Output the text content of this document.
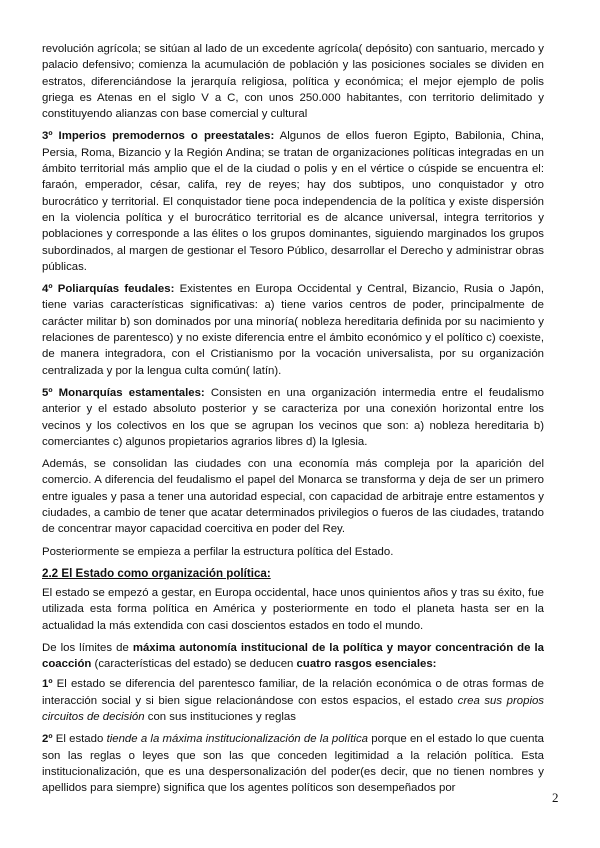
revolución agrícola; se sitúan al lado de un excedente agrícola( depósito) con santuario, mercado y palacio defensivo; comienza la acumulación de población y las posiciones sociales se dividen en estratos, diferenciándose la jerarquía religiosa, política y económica; el mejor ejemplo de polis griega es Atenas en el siglo V a C, con unos 250.000 habitantes, con territorio delimitado y constituyendo alianzas con base comercial y cultural

3º Imperios premodernos o preestatales: Algunos de ellos fueron Egipto, Babilonia, China, Persia, Roma, Bizancio y la Región Andina; se tratan de organizaciones políticas integradas en un ámbito territorial más amplio que el de la ciudad o polis y en el vértice o cúspide se encuentra el: faraón, emperador, césar, califa, rey de reyes; hay dos subtipos, uno conquistador y otro burocrático y territorial. El conquistador tiene poca independencia de la política y existe dispersión en la violencia política y el burocrático territorial es de alcance universal, integra territorios y poblaciones y corresponde a las élites o los grupos dominantes, siguiendo marginados los grupos subordinados, al margen de gestionar el Tesoro Público, desarrollar el Derecho y administrar obras públicas.

4º Poliarquías feudales: Existentes en Europa Occidental y Central, Bizancio, Rusia o Japón, tiene varias características significativas: a) tiene varios centros de poder, principalmente de carácter militar b) son dominados por una minoría( nobleza hereditaria definida por su nacimiento y relaciones de parentesco) y no existe diferencia entre el ámbito económico y el político c) coexiste, de manera integradora, con el Cristianismo por la vocación universalista, por su organización centralizada y por la lengua culta común( latín).

5º Monarquías estamentales: Consisten en una organización intermedia entre el feudalismo anterior y el estado absoluto posterior y se caracteriza por una conexión horizontal entre los vecinos y los colectivos en los que se agrupan los vecinos que son: a) nobleza hereditaria b) comerciantes c) algunos propietarios agrarios libres d) la Iglesia.

Además, se consolidan las ciudades con una economía más compleja por la aparición del comercio. A diferencia del feudalismo el papel del Monarca se transforma y deja de ser un primero entre iguales y pasa a tener una autoridad especial, con capacidad de arbitraje entre estamentos y ciudades, a cambio de tener que acatar determinados privilegios o fueros de las ciudades, tratando de concentrar mayor capacidad coercitiva en poder del Rey.

Posteriormente se empieza a perfilar la estructura política del Estado.

2.2 El Estado como organización política:

El estado se empezó a gestar, en Europa occidental, hace unos quinientos años y tras su éxito, fue utilizada esta forma política en América y posteriormente en todo el planeta hasta ser en la actualidad la más extendida con casi doscientos estados en todo el mundo.

De los límites de máxima autonomía institucional de la política y mayor concentración de la coacción (características del estado) se deducen cuatro rasgos esenciales:

1º El estado se diferencia del parentesco familiar, de la relación económica o de otras formas de interacción social y si bien sigue relacionándose con estos espacios, el estado crea sus propios circuitos de decisión con sus instituciones y reglas

2º El estado tiende a la máxima institucionalización de la política porque en el estado lo que cuenta son las reglas o leyes que son las que conceden legitimidad a la relación política. Esta institucionalización, que es una despersonalización del poder(es decir, que no tienen nombres y apellidos para siempre) significa que los agentes políticos son desempeñados por

2
